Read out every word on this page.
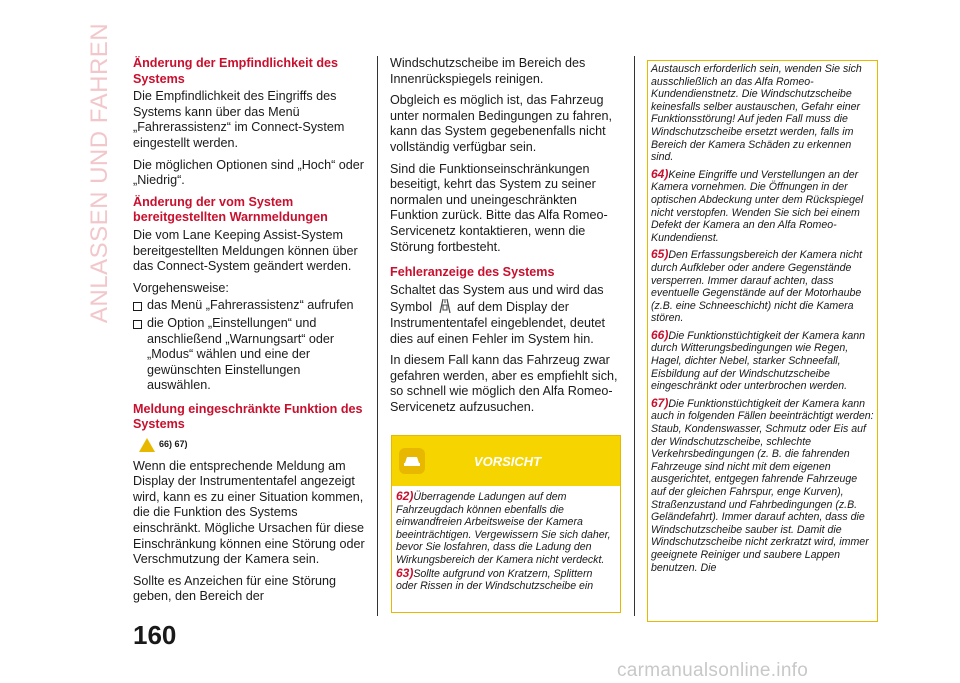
ANLASSEN UND FAHREN Änderung der Empfindlichkeit des Systems
Die Empfindlichkeit des Eingriffs des Systems kann über das Menü „Fahrerassistenz“ im Connect-System eingestellt werden.
Die möglichen Optionen sind „Hoch“ oder „Niedrig“.
Änderung der vom System bereitgestellten Warnmeldungen
Die vom Lane Keeping Assist-System bereitgestellten Meldungen können über das Connect-System geändert werden.
Vorgehensweise:
das Menü „Fahrerassistenz“ aufrufen
die Option „Einstellungen“ und anschließend „Warnungsart“ oder „Modus“ wählen und eine der gewünschten Einstellungen auswählen.
Meldung eingeschränkte Funktion des Systems
66) 67)
Wenn die entsprechende Meldung am Display der Instrumententafel angezeigt wird, kann es zu einer Situation kommen, die die Funktion des Systems einschränkt. Mögliche Ursachen für diese Einschränkung können eine Störung oder Verschmutzung der Kamera sein.
Sollte es Anzeichen für eine Störung geben, den Bereich der
Windschutzscheibe im Bereich des Innenrückspiegels reinigen.
Obgleich es möglich ist, das Fahrzeug unter normalen Bedingungen zu fahren, kann das System gegebenenfalls nicht vollständig verfügbar sein.
Sind die Funktionseinschränkungen beseitigt, kehrt das System zu seiner normalen und uneingeschränkten Funktion zurück. Bitte das Alfa Romeo-Servicenetz kontaktieren, wenn die Störung fortbesteht.
Fehleranzeige des Systems
Schaltet das System aus und wird das Symbol auf dem Display der Instrumententafel eingeblendet, deutet dies auf einen Fehler im System hin.
In diesem Fall kann das Fahrzeug zwar gefahren werden, aber es empfiehlt sich, so schnell wie möglich den Alfa Romeo-Servicenetz aufzusuchen.
VORSICHT
62)Überragende Ladungen auf dem Fahrzeugdach können ebenfalls die einwandfreien Arbeitsweise der Kamera beeinträchtigen. Vergewissern Sie sich daher, bevor Sie losfahren, dass die Ladung den Wirkungsbereich der Kamera nicht verdeckt.
63)Sollte aufgrund von Kratzern, Splittern oder Rissen in der Windschutzscheibe ein
Austausch erforderlich sein, wenden Sie sich ausschließlich an das Alfa Romeo-Kundendienstnetz. Die Windschutzscheibe keinesfalls selber austauschen, Gefahr einer Funktionsstörung! Auf jeden Fall muss die Windschutzscheibe ersetzt werden, falls im Bereich der Kamera Schäden zu erkennen sind.
64)Keine Eingriffe und Verstellungen an der Kamera vornehmen. Die Öffnungen in der optischen Abdeckung unter dem Rückspiegel nicht verstopfen. Wenden Sie sich bei einem Defekt der Kamera an den Alfa Romeo-Kundendienst.
65)Den Erfassungsbereich der Kamera nicht durch Aufkleber oder andere Gegenstände versperren. Immer darauf achten, dass eventuelle Gegenstände auf der Motorhaube (z.B. eine Schneeschicht) nicht die Kamera stören.
66)Die Funktionstüchtigkeit der Kamera kann durch Witterungsbedingungen wie Regen, Hagel, dichter Nebel, starker Schneefall, Eisbildung auf der Windschutzscheibe eingeschränkt oder unterbrochen werden.
67)Die Funktionstüchtigkeit der Kamera kann auch in folgenden Fällen beeinträchtigt werden: Staub, Kondenswasser, Schmutz oder Eis auf der Windschutzscheibe, schlechte Verkehrsbedingungen (z. B. die fahrenden Fahrzeuge sind nicht mit dem eigenen ausgerichtet, entgegen fahrende Fahrzeuge auf der gleichen Fahrspur, enge Kurven), Straßenzustand und Fahrbedingungen (z.B. Geländefahrt). Immer darauf achten, dass die Windschutzscheibe sauber ist. Damit die Windschutzscheibe nicht zerkratzt wird, immer geeignete Reiniger und saubere Lappen benutzen. Die
160
carmanualsonline.info
